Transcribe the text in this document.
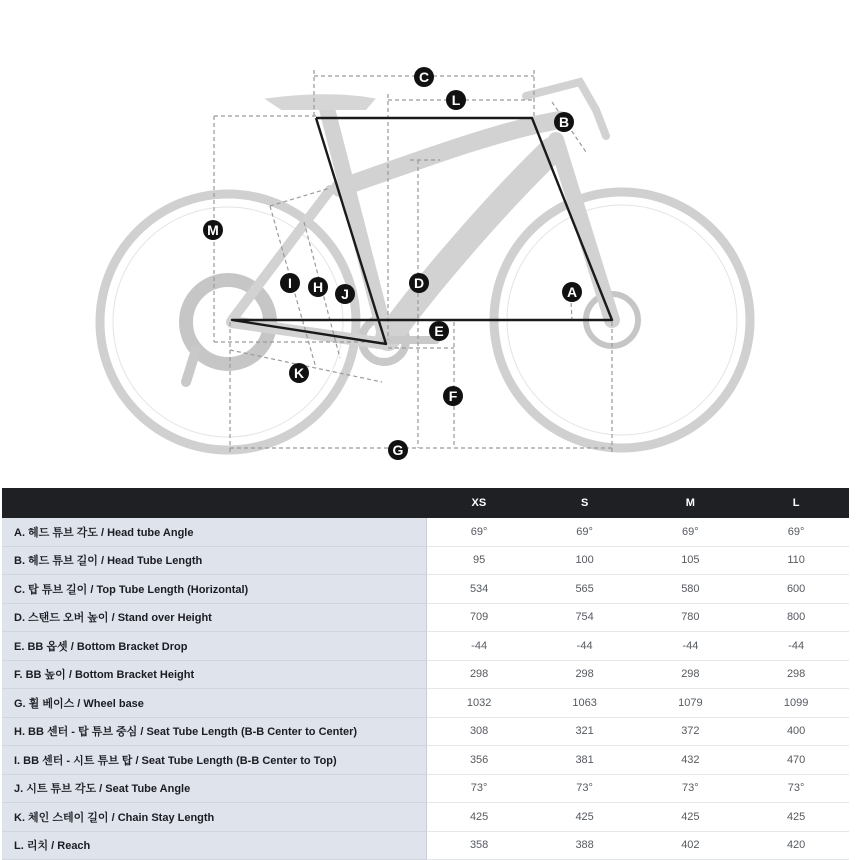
A
B
C
D
E
F
G
H
I
J
K
L
M
	XS	S	M	L
A. 헤드 튜브 각도 / Head tube Angle	69°	69°	69°	69°
B. 헤드 튜브 길이 / Head Tube Length	95	100	105	110
C. 탑 튜브 길이 / Top Tube Length (Horizontal)	534	565	580	600
D. 스탠드 오버 높이 / Stand over Height	709	754	780	800
E. BB 옵셋 / Bottom Bracket Drop	-44	-44	-44	-44
F. BB 높이 / Bottom Bracket Height	298	298	298	298
G. 휠 베이스 / Wheel base	1032	1063	1079	1099
H. BB 센터 - 탑 튜브 중심 / Seat Tube Length (B-B Center to Center)	308	321	372	400
I. BB 센터 - 시트 튜브 탑 / Seat Tube Length (B-B Center to Top)	356	381	432	470
J. 시트 튜브 각도 / Seat Tube Angle	73°	73°	73°	73°
K. 체인 스테이 길이 / Chain Stay Length	425	425	425	425
L. 리치 / Reach	358	388	402	420
